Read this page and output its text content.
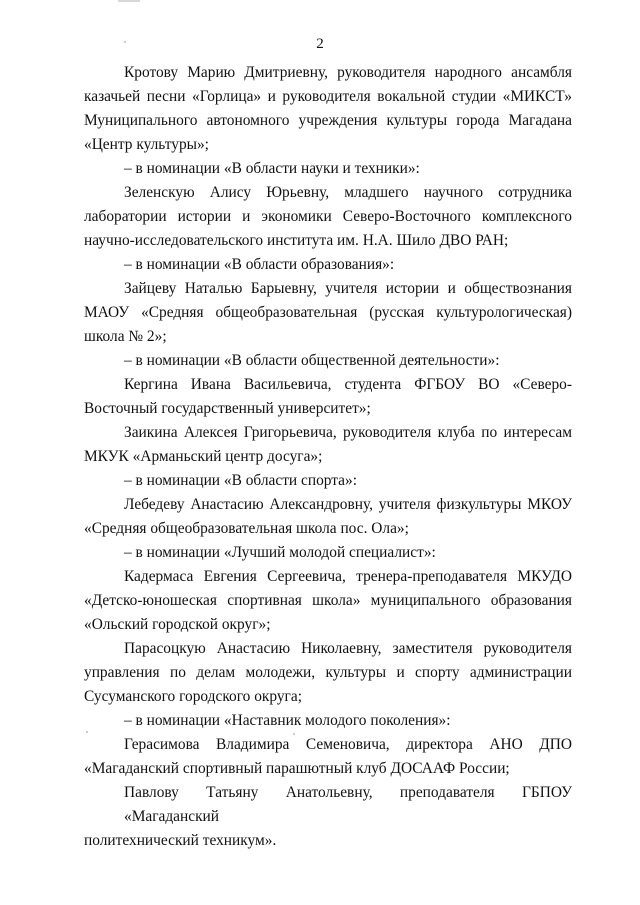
2
Кротову Марию Дмитриевну, руководителя народного ансамбля
казачьей песни «Горлица» и руководителя вокальной студии «МИКСТ»
Муниципального автономного учреждения культуры города Магадана
«Центр культуры»;
– в номинации «В области науки и техники»:
Зеленскую Алису Юрьевну, младшего научного сотрудника
лаборатории истории и экономики Северо-Восточного комплексного
научно-исследовательского института им. Н.А. Шило ДВО РАН;
– в номинации «В области образования»:
Зайцеву Наталью Барыевну, учителя истории и обществознания
МАОУ «Средняя общеобразовательная (русская культурологическая)
школа № 2»;
– в номинации «В области общественной деятельности»:
Кергина Ивана Васильевича, студента ФГБОУ ВО «Северо-
Восточный государственный университет»;
Заикина Алексея Григорьевича, руководителя клуба по интересам
МКУК «Арманьский центр досуга»;
– в номинации «В области спорта»:
Лебедеву Анастасию Александровну, учителя физкультуры МКОУ
«Средняя общеобразовательная школа пос. Ола»;
– в номинации «Лучший молодой специалист»:
Кадермаса Евгения Сергеевича, тренера-преподавателя МКУДО
«Детско-юношеская спортивная школа» муниципального образования
«Ольский городской округ»;
Парасоцкую Анастасию Николаевну, заместителя руководителя
управления по делам молодежи, культуры и спорту администрации
Сусуманского городского округа;
– в номинации «Наставник молодого поколения»:
Герасимова Владимира Семеновича, директора АНО ДПО
«Магаданский спортивный парашютный клуб ДОСААФ России;
Павлову Татьяну Анатольевну, преподавателя ГБПОУ «Магаданский
политехнический техникум».
